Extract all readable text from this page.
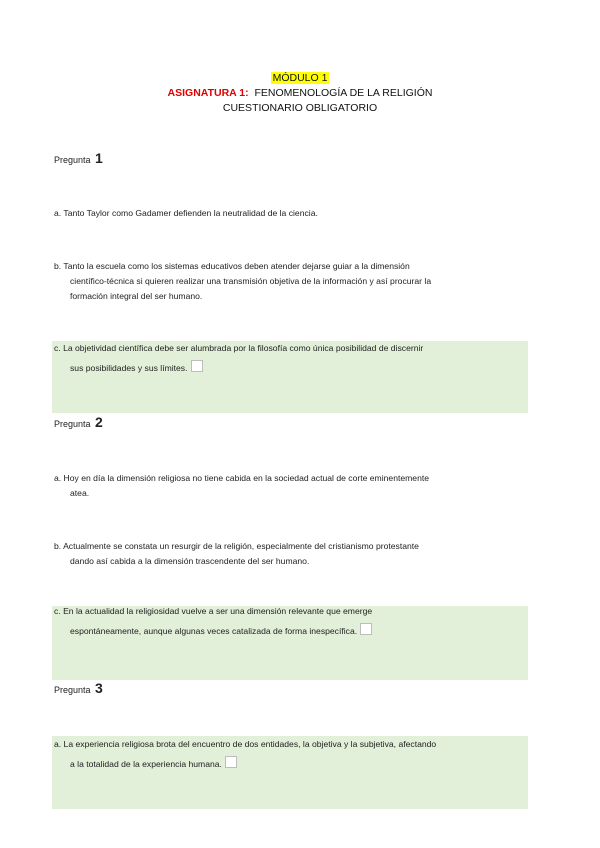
MÓDULO 1
ASIGNATURA 1: FENOMENOLOGÍA DE LA RELIGIÓN
CUESTIONARIO OBLIGATORIO
Pregunta 1
a. Tanto Taylor como Gadamer defienden la neutralidad de la ciencia.
b. Tanto la escuela como los sistemas educativos deben atender dejarse guiar a la dimensión
científico-técnica si quieren realizar una transmisión objetiva de la información y así procurar la
formación integral del ser humano.
c. La objetividad científica debe ser alumbrada por la filosofía como única posibilidad de discernir
sus posibilidades y sus límites.
Pregunta 2
a. Hoy en día la dimensión religiosa no tiene cabida en la sociedad actual de corte eminentemente
atea.
b. Actualmente se constata un resurgir de la religión, especialmente del cristianismo protestante
dando así cabida a la dimensión trascendente del ser humano.
c. En la actualidad la religiosidad vuelve a ser una dimensión relevante que emerge
espontáneamente, aunque algunas veces catalizada de forma inespecífica.
Pregunta 3
a. La experiencia religiosa brota del encuentro de dos entidades, la objetiva y la subjetiva, afectando
a la totalidad de la experiencia humana.
